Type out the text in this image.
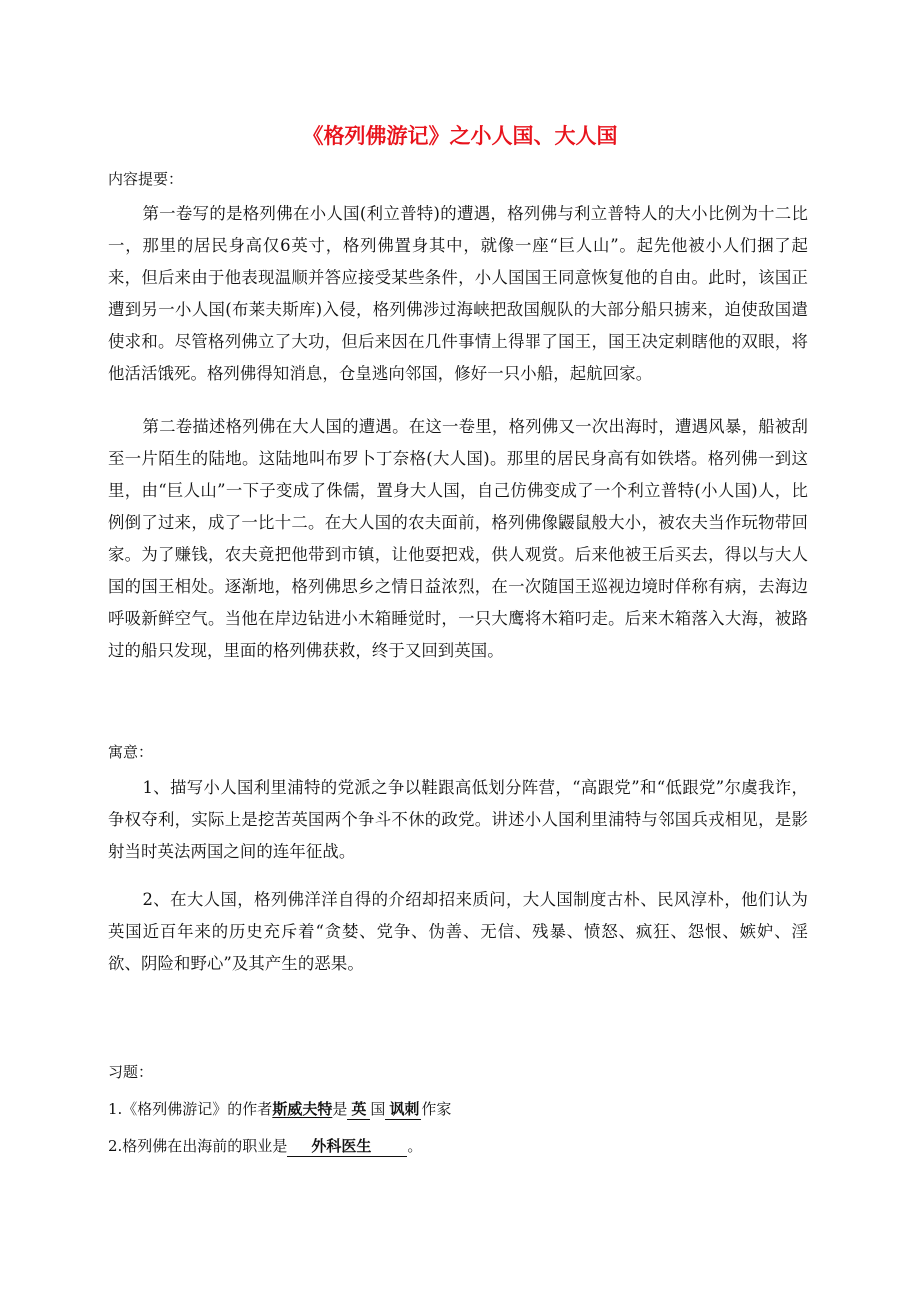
《格列佛游记》之小人国、大人国
内容提要：

第一卷写的是格列佛在小人国(利立普特)的遭遇，格列佛与利立普特人的大小比例为十二比一，那里的居民身高仅6英寸，格列佛置身其中，就像一座“巨人山”。起先他被小人们捆了起来，但后来由于他表现温顺并答应接受某些条件，小人国国王同意恢复他的自由。此时，该国正遭到另一小人国(布莱夫斯库)入侵，格列佛涉过海峡把敌国舰队的大部分船只掳来，迫使敌国遣使求和。尽管格列佛立了大功，但后来因在几件事情上得罪了国王，国王决定刺瞎他的双眼，将他活活饿死。格列佛得知消息，仓皇逃向邻国，修好一只小船，起航回家。

第二卷描述格列佛在大人国的遭遇。在这一卷里，格列佛又一次出海时，遭遇风暴，船被刮至一片陌生的陆地。这陆地叫布罗卜丁奈格(大人国)。那里的居民身高有如铁塔。格列佛一到这里，由“巨人山”一下子变成了侏儒，置身大人国，自己仿佛变成了一个利立普特(小人国)人，比例倒了过来，成了一比十二。在大人国的农夫面前，格列佛像鼹鼠般大小，被农夫当作玩物带回家。为了赚钱，农夫竟把他带到市镇，让他耍把戏，供人观赏。后来他被王后买去，得以与大人国的国王相处。逐渐地，格列佛思乡之情日益浓烈，在一次随国王巡视边境时佯称有病，去海边呼吸新鲜空气。当他在岸边钻进小木箱睡觉时，一只大鹰将木箱叼走。后来木箱落入大海，被路过的船只发现，里面的格列佛获救，终于又回到英国。

寓意：

1、描写小人国利里浦特的党派之争以鞋跟高低划分阵营，“高跟党”和“低跟党”尔虞我诈，争权夺利，实际上是挖苦英国两个争斗不休的政党。讲述小人国利里浦特与邻国兵戎相见，是影射当时英法两国之间的连年征战。

2、在大人国，格列佛洋洋自得的介绍却招来质问，大人国制度古朴、民风淳朴，他们认为英国近百年来的历史充斥着“贪婪、党争、伪善、无信、残暴、愤怒、疯狂、怨恨、嫉妒、淫欲、阴险和野心”及其产生的恶果。

习题：
1.《格列佛游记》的作者斯威夫特是 英 国 讽刺 作家
2.格列佛在出海前的职业是 外科医生 。
